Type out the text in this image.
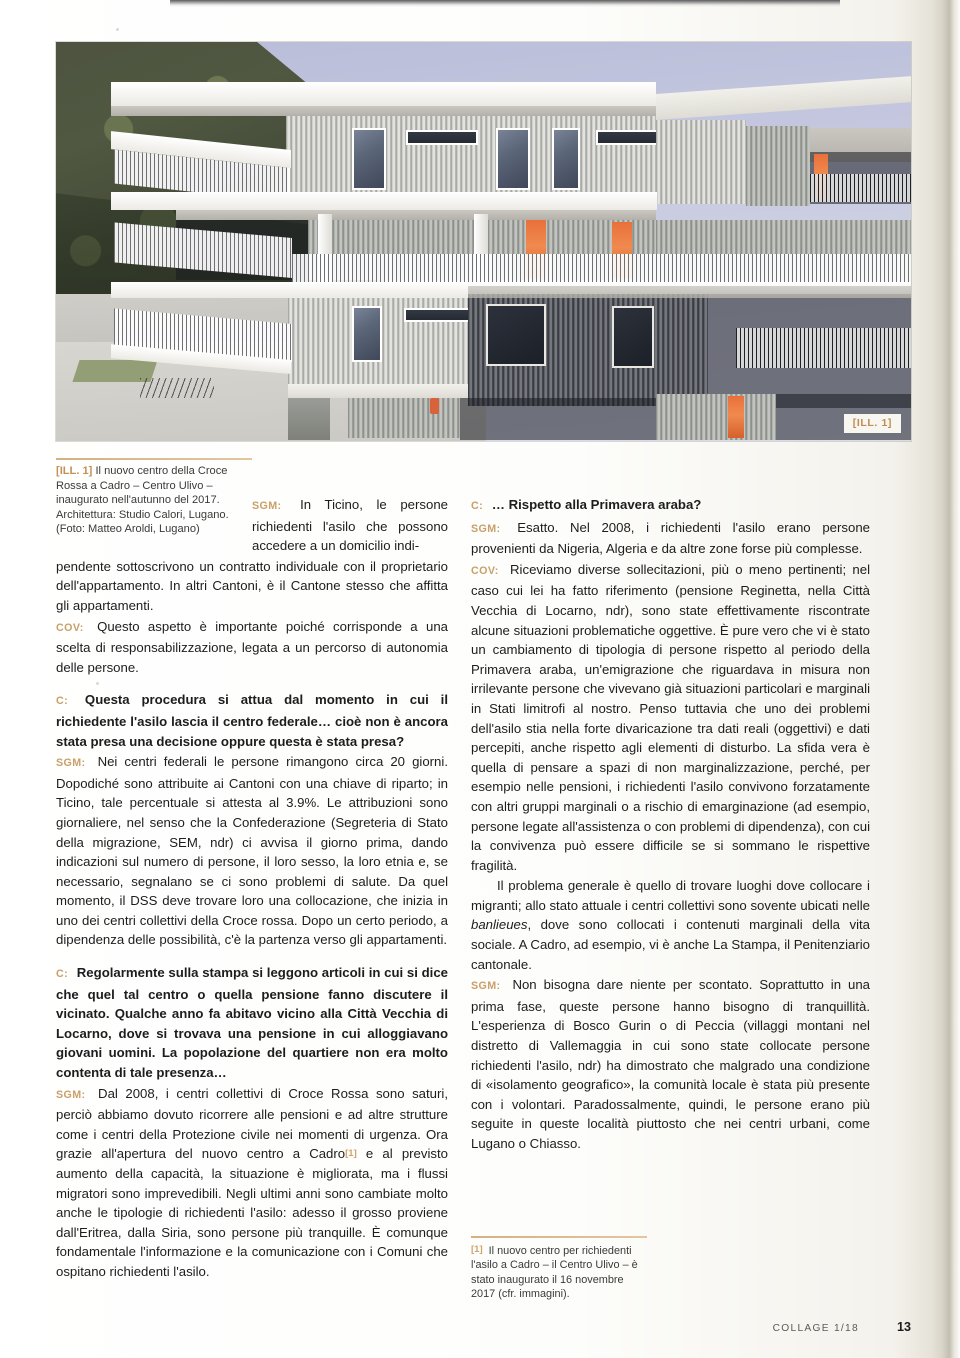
[ILL. 1]
[ILL. 1] Il nuovo centro della Croce Rossa a Cadro – Centro Ulivo – inaugurato nell'autunno del 2017. Architettura: Studio Calori, Lugano. (Foto: Matteo Aroldi, Lugano)

SGM: In Ticino, le persone richiedenti l'asilo che possono accedere a un domicilio indi-

pendente sottoscrivono un contratto individuale con il proprietario dell'appartamento. In altri Cantoni, è il Cantone stesso che affitta gli appartamenti.

COV: Questo aspetto è importante poiché corrisponde a una scelta di responsabilizzazione, legata a un percorso di autonomia delle persone.

C: Questa procedura si attua dal momento in cui il richiedente l'asilo lascia il centro federale… cioè non è ancora stata presa una decisione oppure questa è stata presa?

SGM: Nei centri federali le persone rimangono circa 20 giorni. Dopodiché sono attribuite ai Cantoni con una chiave di riparto; in Ticino, tale percentuale si attesta al 3.9%. Le attribuzioni sono giornaliere, nel senso che la Confederazione (Segreteria di Stato della migrazione, SEM, ndr) ci avvisa il giorno prima, dando indicazioni sul numero di persone, il loro sesso, la loro etnia e, se necessario, segnalano se ci sono problemi di salute. Da quel momento, il DSS deve trovare loro una collocazione, che inizia in uno dei centri collettivi della Croce rossa. Dopo un certo periodo, a dipendenza delle possibilità, c'è la partenza verso gli appartamenti.

C: Regolarmente sulla stampa si leggono articoli in cui si dice che quel tal centro o quella pensione fanno discutere il vicinato. Qualche anno fa abitavo vicino alla Città Vecchia di Locarno, dove si trovava una pensione in cui alloggiavano giovani uomini. La popolazione del quartiere non era molto contenta di tale presenza…

SGM: Dal 2008, i centri collettivi di Croce Rossa sono saturi, perciò abbiamo dovuto ricorrere alle pensioni e ad altre strutture come i centri della Protezione civile nei momenti di urgenza. Ora grazie all'apertura del nuovo centro a Cadro[1] e al previsto aumento della capacità, la situazione è migliorata, ma i flussi migratori sono imprevedibili. Negli ultimi anni sono cambiate molto anche le tipologie di richiedenti l'asilo: adesso il grosso proviene dall'Eritrea, dalla Siria, sono persone più tranquille. È comunque fondamentale l'informazione e la comunicazione con i Comuni che ospitano richiedenti l'asilo.

C: … Rispetto alla Primavera araba?

SGM: Esatto. Nel 2008, i richiedenti l'asilo erano persone provenienti da Nigeria, Algeria e da altre zone forse più complesse.

COV: Riceviamo diverse sollecitazioni, più o meno pertinenti; nel caso cui lei ha fatto riferimento (pensione Reginetta, nella Città Vecchia di Locarno, ndr), sono state effettivamente riscontrate alcune situazioni problematiche oggettive. È pure vero che vi è stato un cambiamento di tipologia di persone rispetto al periodo della Primavera araba, un'emigrazione che riguardava in misura non irrilevante persone che vivevano già situazioni particolari e marginali in Stati limitrofi al nostro. Penso tuttavia che uno dei problemi dell'asilo stia nella forte divaricazione tra dati reali (oggettivi) e dati percepiti, anche rispetto agli elementi di disturbo. La sfida vera è quella di pensare a spazi di non marginalizzazione, perché, per esempio nelle pensioni, i richiedenti l'asilo convivono forzatamente con altri gruppi marginali o a rischio di emarginazione (ad esempio, persone legate all'assistenza o con problemi di dipendenza), con cui la convivenza può essere difficile se si sommano le rispettive fragilità.

Il problema generale è quello di trovare luoghi dove collocare i migranti; allo stato attuale i centri collettivi sono sovente ubicati nelle banlieues, dove sono collocati i contenuti marginali della vita sociale. A Cadro, ad esempio, vi è anche La Stampa, il Penitenziario cantonale.

SGM: Non bisogna dare niente per scontato. Soprattutto in una prima fase, queste persone hanno bisogno di tranquillità. L'esperienza di Bosco Gurin o di Peccia (villaggi montani nel distretto di Vallemaggia in cui sono state collocate persone richiedenti l'asilo, ndr) ha dimostrato che malgrado una condizione di «isolamento geografico», la comunità locale è stata più presente con i volontari. Paradossalmente, quindi, le persone erano più seguite in queste località piuttosto che nei centri urbani, come Lugano o Chiasso.

[1] Il nuovo centro per richiedenti l'asilo a Cadro – il Centro Ulivo – è stato inaugurato il 16 novembre 2017 (cfr. immagini).
COLLAGE 1/18	13
